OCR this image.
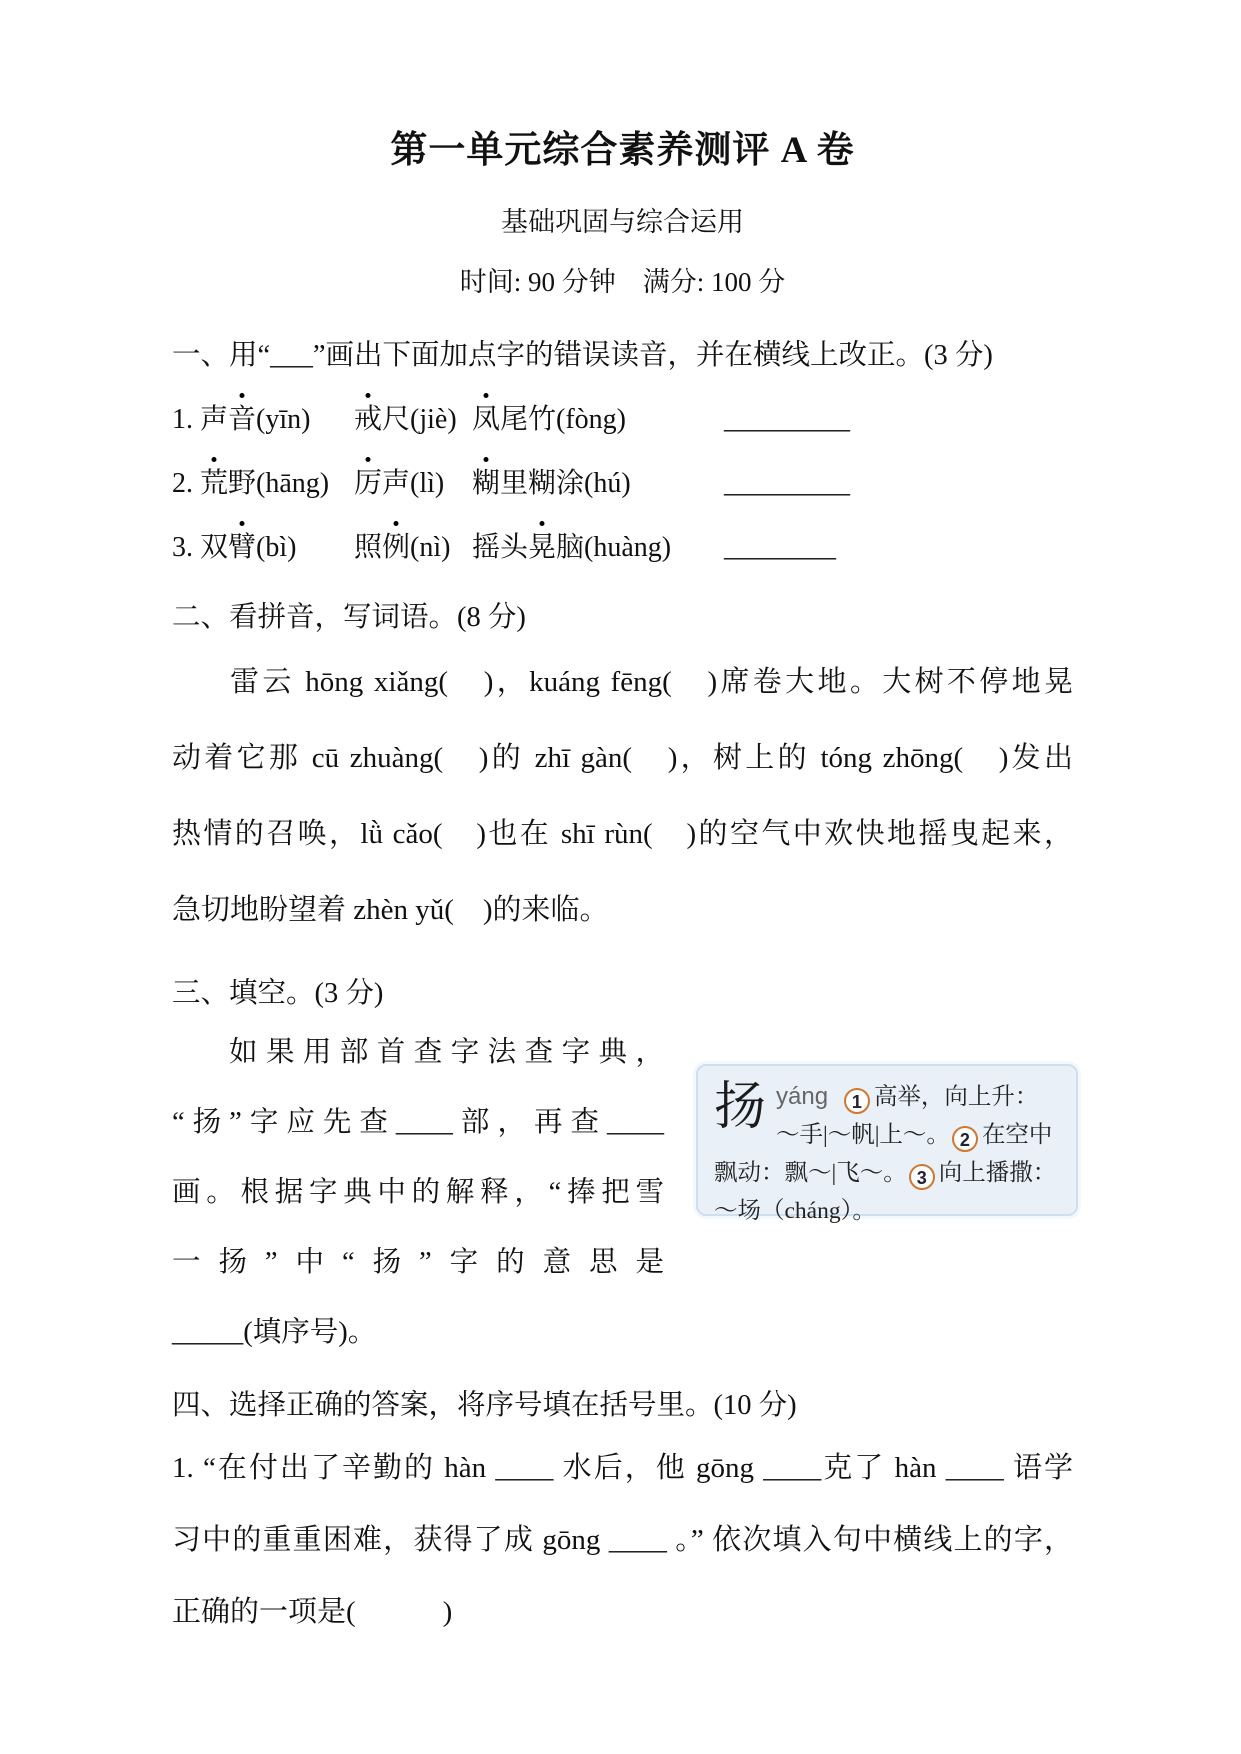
第一单元综合素养测评 A 卷
基础巩固与综合运用
时间: 90 分钟　满分: 100 分
一、用“___”画出下面加点字的错误读音，并在横线上改正。(3 分)
1. 声音(yīn)	戒尺(jiè) 凤尾竹(fòng)	_________
2. 荒野(hāng) 厉声(lì) 糊里糊涂(hú)	_________
3. 双臂(bì)	照例(nì) 摇头晃脑(huàng)	________
二、看拼音，写词语。(8 分)
雷云 hōng xiǎng(　)，kuáng fēng(　)席卷大地。大树不停地晃
动着它那 cū zhuàng(　)的 zhī gàn(　)，树上的 tóng zhōng(　)发出
热情的召唤，lǜ cǎo(　)也在 shī rùn(　)的空气中欢快地摇曳起来，
急切地盼望着 zhèn yǔ(　)的来临。
三、填空。(3 分)
如果用部首查字法查字典，
“扬”字应先查____部，再查____
画。根据字典中的解释，“捧把雪
一扬”中“扬”字的意思是
_____(填序号)。
扬 yáng 1 高举，向上升：～手|～帆|上～。 2 在空中飘动：飘～|飞～。 3 向上播撒：～场（cháng）。
四、选择正确的答案，将序号填在括号里。(10 分)
1. “在付出了辛勤的 hàn ____ 水后，他 gōng ____克了 hàn ____ 语学
习中的重重困难，获得了成 gōng ____ 。” 依次填入句中横线上的字，
正确的一项是(　　　)
